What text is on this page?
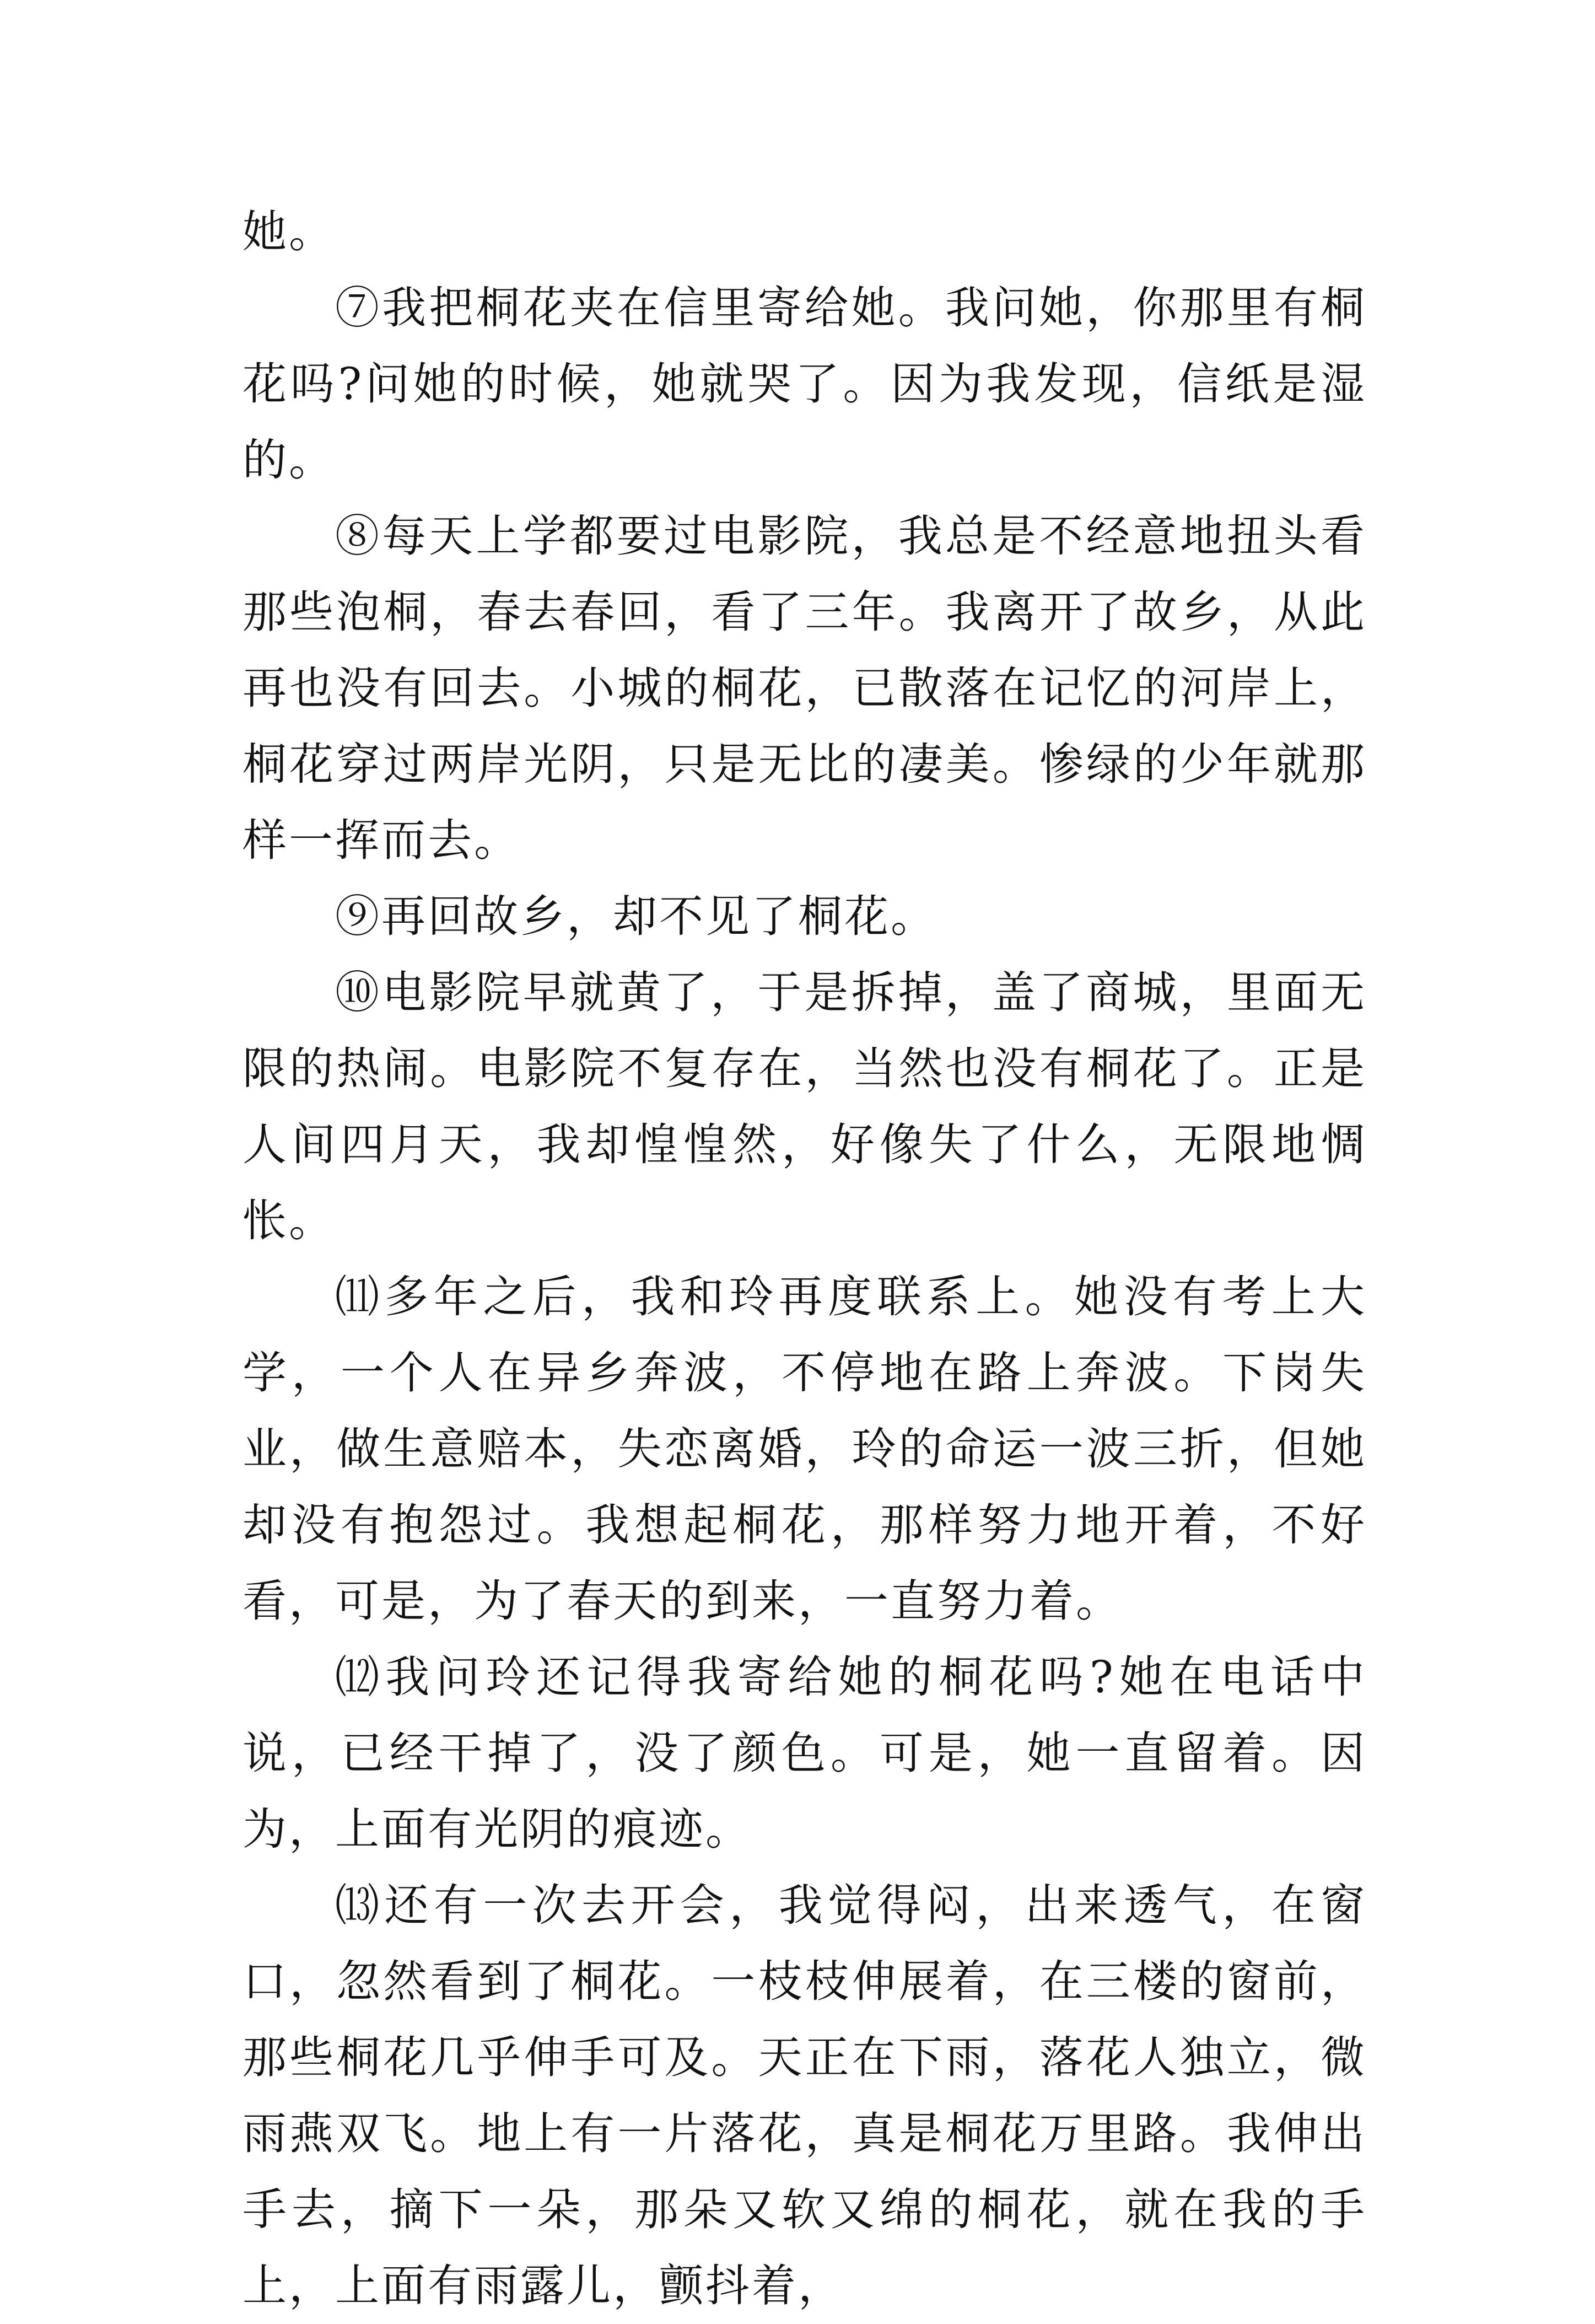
她。

⑦我把桐花夹在信里寄给她。我问她，你那里有桐花吗?问她的时候，她就哭了。因为我发现，信纸是湿的。

⑧每天上学都要过电影院，我总是不经意地扭头看那些泡桐，春去春回，看了三年。我离开了故乡，从此再也没有回去。小城的桐花，已散落在记忆的河岸上，桐花穿过两岸光阴，只是无比的凄美。惨绿的少年就那样一挥而去。

⑨再回故乡，却不见了桐花。

⑩电影院早就黄了，于是拆掉，盖了商城，里面无限的热闹。电影院不复存在，当然也没有桐花了。正是人间四月天，我却惶惶然，好像失了什么，无限地惆怅。

⑾多年之后，我和玲再度联系上。她没有考上大学，一个人在异乡奔波，不停地在路上奔波。下岗失业，做生意赔本，失恋离婚，玲的命运一波三折，但她却没有抱怨过。我想起桐花，那样努力地开着，不好看，可是，为了春天的到来，一直努力着。

⑿我问玲还记得我寄给她的桐花吗?她在电话中说，已经干掉了，没了颜色。可是，她一直留着。因为，上面有光阴的痕迹。

⒀还有一次去开会，我觉得闷，出来透气，在窗口，忽然看到了桐花。一枝枝伸展着，在三楼的窗前，那些桐花几乎伸手可及。天正在下雨，落花人独立，微雨燕双飞。地上有一片落花，真是桐花万里路。我伸出手去，摘下一朵，那朵又软又绵的桐花，就在我的手上，上面有雨露儿，颤抖着，
